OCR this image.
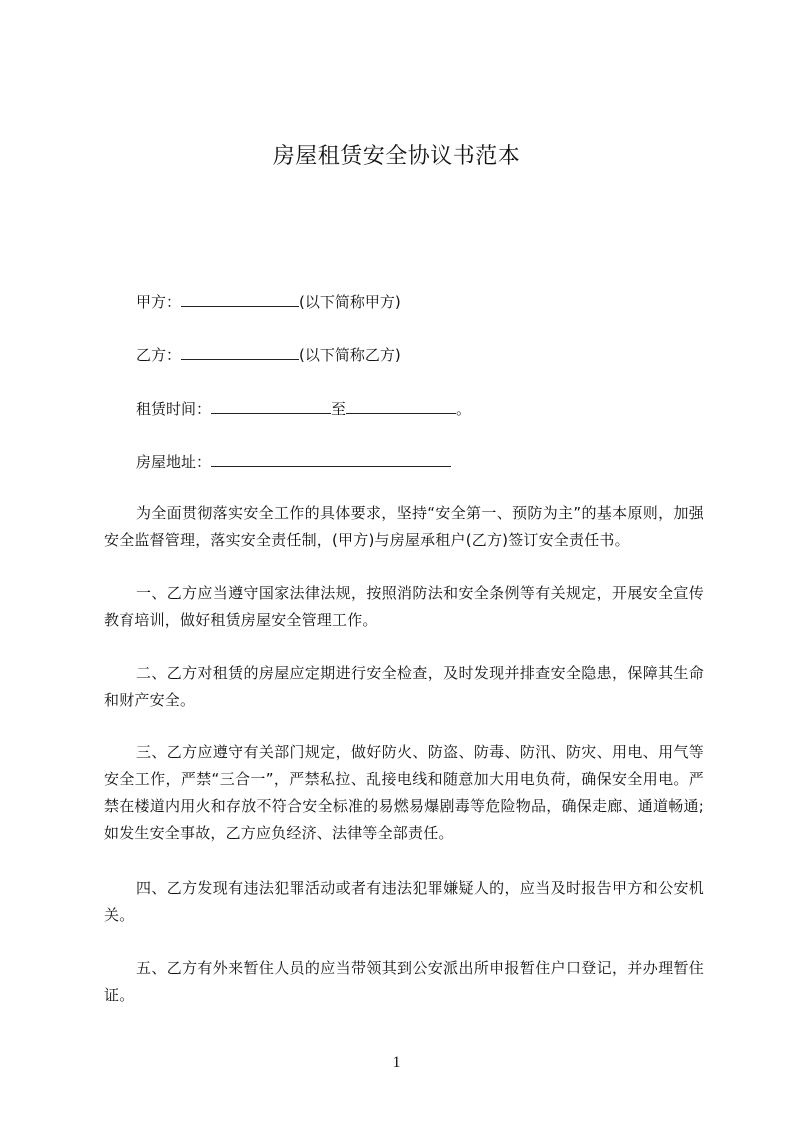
房屋租赁安全协议书范本
甲方：	(以下简称甲方)
乙方：	(以下简称乙方)
租赁时间：	至	。
房屋地址：
为全面贯彻落实安全工作的具体要求，坚持“安全第一、预防为主”的基本原则，加强安全监督管理，落实安全责任制，(甲方)与房屋承租户(乙方)签订安全责任书。
一、乙方应当遵守国家法律法规，按照消防法和安全条例等有关规定，开展安全宣传教育培训，做好租赁房屋安全管理工作。
二、乙方对租赁的房屋应定期进行安全检查，及时发现并排查安全隐患，保障其生命和财产安全。
三、乙方应遵守有关部门规定，做好防火、防盗、防毒、防汛、防灾、用电、用气等安全工作，严禁“三合一”，严禁私拉、乱接电线和随意加大用电负荷，确保安全用电。严禁在楼道内用火和存放不符合安全标准的易燃易爆剧毒等危险物品，确保走廊、通道畅通;如发生安全事故，乙方应负经济、法律等全部责任。
四、乙方发现有违法犯罪活动或者有违法犯罪嫌疑人的，应当及时报告甲方和公安机关。
五、乙方有外来暂住人员的应当带领其到公安派出所申报暂住户口登记，并办理暂住证。
1
